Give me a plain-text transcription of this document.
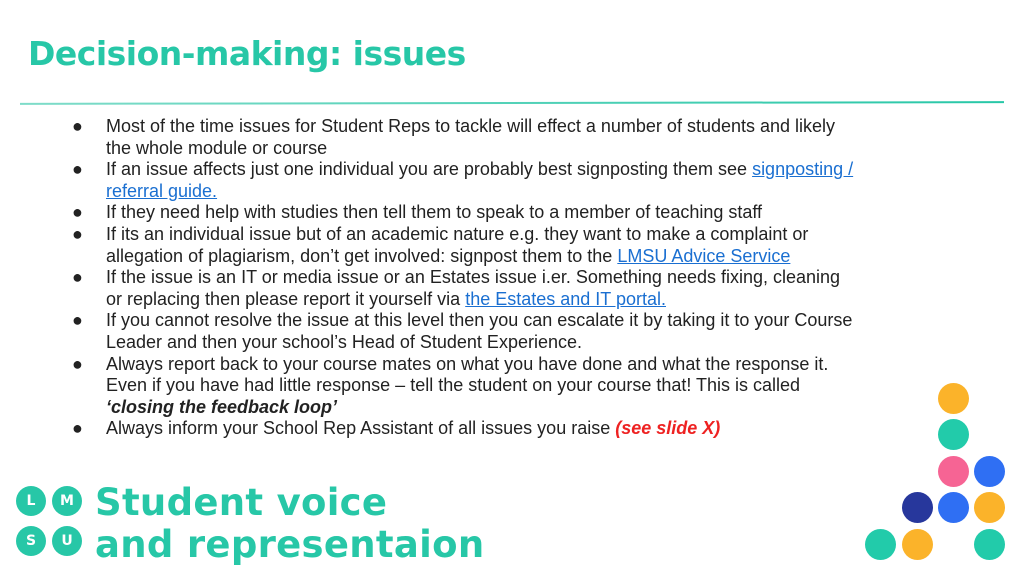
Decision-making: issues
● Most of the time issues for Student Reps to tackle will effect a number of students and likely the whole module or course
● If an issue affects just one individual you are probably best signposting them see signposting / referral guide.
● If they need help with studies then tell them to speak to a member of teaching staff
● If its an individual issue but of an academic nature e.g. they want to make a complaint or allegation of plagiarism, don’t get involved: signpost them to the LMSU Advice Service
● If the issue is an IT or media issue or an Estates issue i.er. Something needs fixing, cleaning or replacing then please report it yourself via the Estates and IT portal.
● If you cannot resolve the issue at this level then you can escalate it by taking it to your Course Leader and then your school’s Head of Student Experience.
● Always report back to your course mates on what you have done and what the response it. Even if you have had little response – tell the student on your course that! This is called ‘closing the feedback loop’
● Always inform your School Rep Assistant of all issues you raise (see slide X)
L	M
S	U
Student voice
and representaion
